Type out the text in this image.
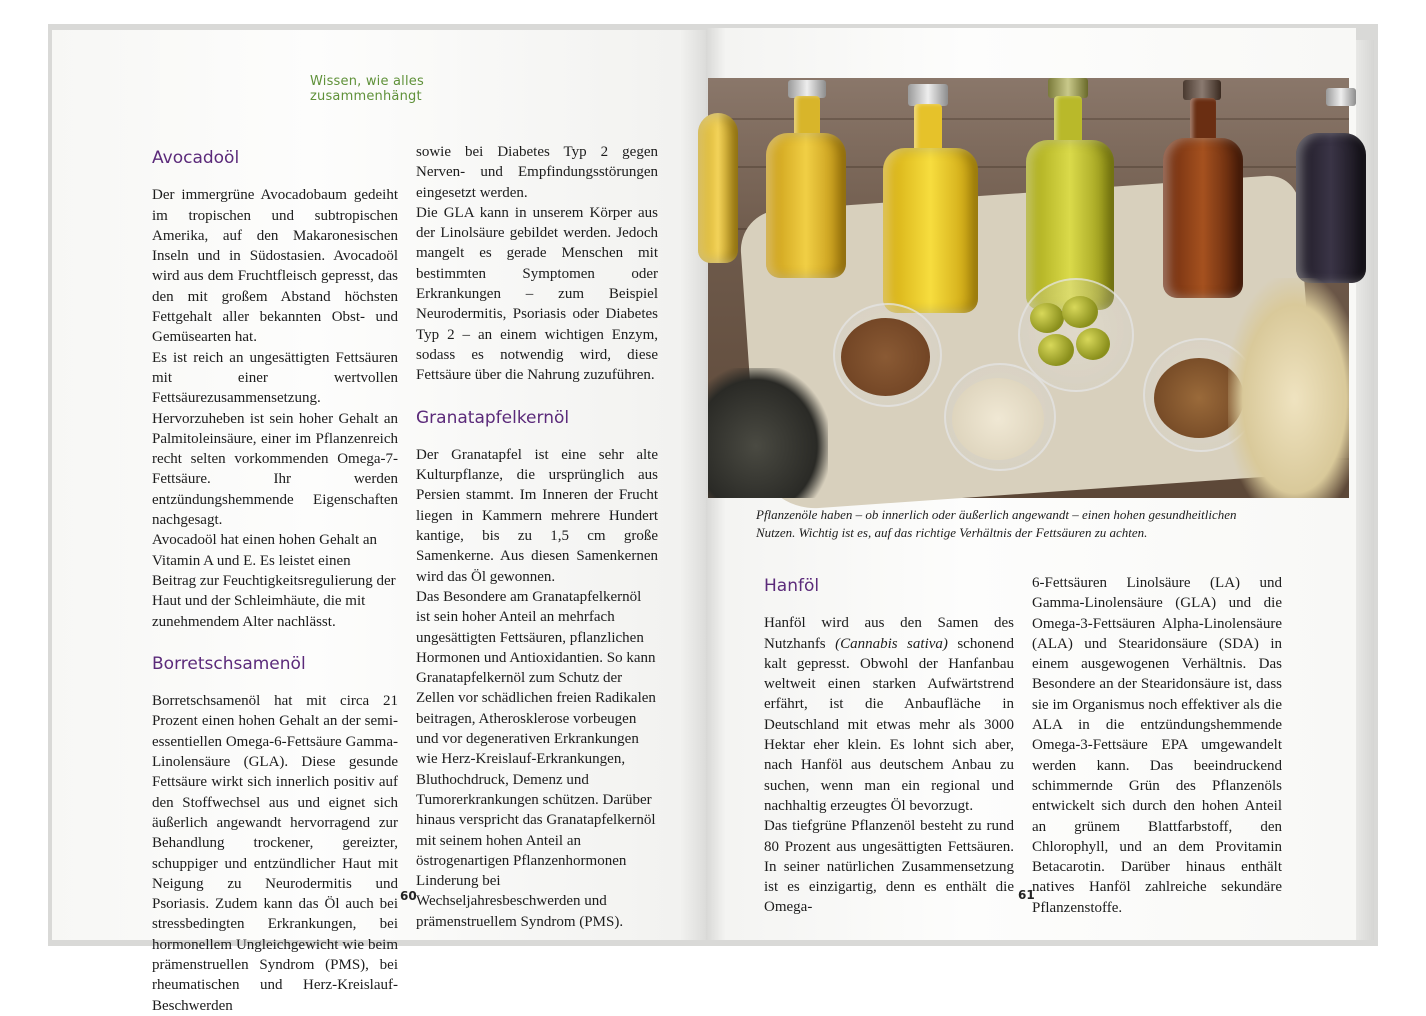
Wissen, wie alles zusammenhängt
Avocadoöl

Der immergrüne Avocadobaum gedeiht im tropischen und subtropischen Amerika, auf den Makaronesischen Inseln und in Südostasien. Avocadoöl wird aus dem Fruchtfleisch gepresst, das den mit großem Abstand höchsten Fettgehalt aller bekannten Obst- und Gemüsearten hat.

Es ist reich an ungesättigten Fettsäuren mit einer wertvollen Fettsäurezusammensetzung. Hervorzuheben ist sein hoher Gehalt an Palmitoleinsäure, einer im Pflanzenreich recht selten vorkommenden Omega-7-Fettsäure. Ihr werden entzündungshemmende Eigenschaften nachgesagt.

Avocadoöl hat einen hohen Gehalt an Vitamin A und E. Es leistet einen Beitrag zur Feuchtigkeitsregulierung der Haut und der Schleimhäute, die mit zunehmendem Alter nachlässt.

Borretschsamenöl

Borretschsamenöl hat mit circa 21 Prozent einen hohen Gehalt an der semi-essentiellen Omega-6-Fettsäure Gamma-Linolensäure (GLA). Diese gesunde Fettsäure wirkt sich innerlich positiv auf den Stoffwechsel aus und eignet sich äußerlich angewandt hervorragend zur Behandlung trockener, gereizter, schuppiger und entzündlicher Haut mit Neigung zu Neurodermitis und Psoriasis. Zudem kann das Öl auch bei stressbedingten Erkrankungen, bei hormonellem Ungleichgewicht wie beim prämenstruellen Syndrom (PMS), bei rheumatischen und Herz-Kreislauf-Beschwerden

sowie bei Diabetes Typ 2 gegen Nerven- und Empfindungsstörungen eingesetzt werden.

Die GLA kann in unserem Körper aus der Linolsäure gebildet werden. Jedoch mangelt es gerade Menschen mit bestimmten Symptomen oder Erkrankungen – zum Beispiel Neurodermitis, Psoriasis oder Diabetes Typ 2 – an einem wichtigen Enzym, sodass es notwendig wird, diese Fettsäure über die Nahrung zuzuführen.

Granatapfelkernöl

Der Granatapfel ist eine sehr alte Kulturpflanze, die ursprünglich aus Persien stammt. Im Inneren der Frucht liegen in Kammern mehrere Hundert kantige, bis zu 1,5 cm große Samenkerne. Aus diesen Samenkernen wird das Öl gewonnen.

Das Besondere am Granatapfelkernöl ist sein hoher Anteil an mehrfach ungesättigten Fettsäuren, pflanzlichen Hormonen und Antioxidantien. So kann Granatapfelkernöl zum Schutz der Zellen vor schädlichen freien Radikalen beitragen, Atherosklerose vorbeugen und vor degenerativen Erkrankungen wie Herz-Kreislauf-Erkrankungen, Bluthochdruck, Demenz und Tumorerkrankungen schützen. Darüber hinaus verspricht das Granatapfelkernöl mit seinem hohen Anteil an östrogenartigen Pflanzenhormonen Linderung bei Wechseljahresbeschwerden und prämenstruellem Syndrom (PMS).

60
Pflanzenöle haben – ob innerlich oder äußerlich angewandt – einen hohen gesundheitlichen Nutzen. Wichtig ist es, auf das richtige Verhältnis der Fettsäuren zu achten.
Hanföl

Hanföl wird aus den Samen des Nutzhanfs (Cannabis sativa) schonend kalt gepresst. Obwohl der Hanfanbau weltweit einen starken Aufwärtstrend erfährt, ist die Anbaufläche in Deutschland mit etwas mehr als 3000 Hektar eher klein. Es lohnt sich aber, nach Hanföl aus deutschem Anbau zu suchen, wenn man ein regional und nachhaltig erzeugtes Öl bevorzugt.

Das tiefgrüne Pflanzenöl besteht zu rund 80 Prozent aus ungesättigten Fettsäuren. In seiner natürlichen Zusammensetzung ist es einzigartig, denn es enthält die Omega-

6-Fettsäuren Linolsäure (LA) und Gamma-Linolensäure (GLA) und die Omega-3-Fettsäuren Alpha-Linolensäure (ALA) und Stearidonsäure (SDA) in einem ausgewogenen Verhältnis. Das Besondere an der Stearidonsäure ist, dass sie im Organismus noch effektiver als die ALA in die entzündungshemmende Omega-3-Fettsäure EPA umgewandelt werden kann. Das beeindruckend schimmernde Grün des Pflanzenöls entwickelt sich durch den hohen Anteil an grünem Blattfarbstoff, den Chlorophyll, und an dem Provitamin Betacarotin. Darüber hinaus enthält natives Hanföl zahlreiche sekundäre Pflanzenstoffe.

61
